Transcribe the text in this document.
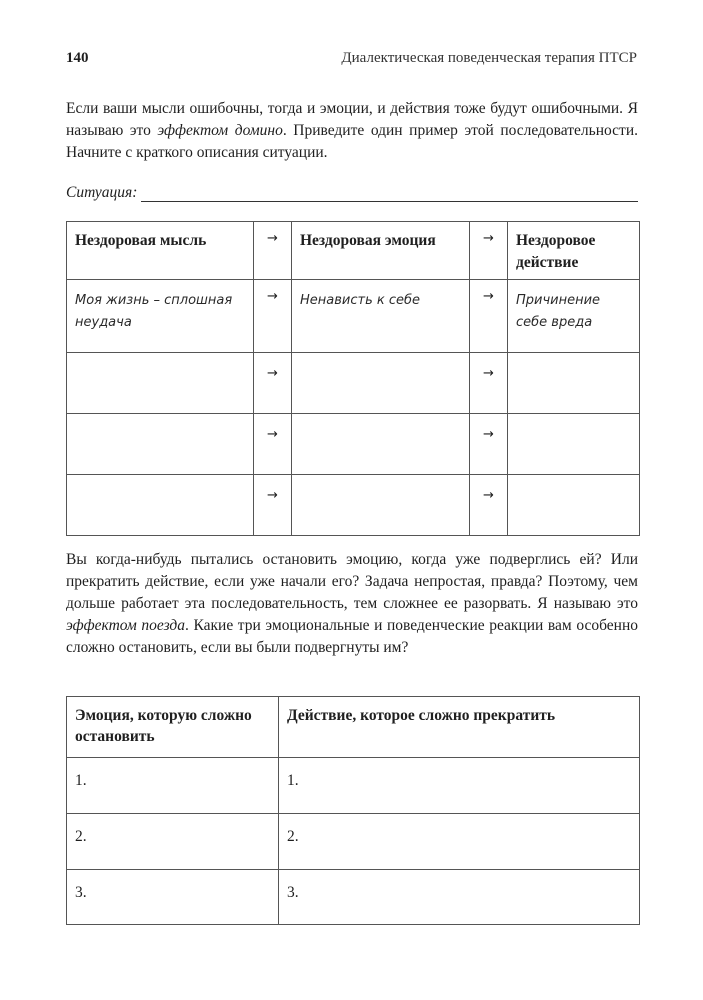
140	Диалектическая поведенческая терапия ПТСР

Если ваши мысли ошибочны, тогда и эмоции, и действия тоже будут ошибочными. Я называю это эффектом домино. Приведите один пример этой последовательности. Начните с краткого описания ситуации.

Ситуация:
Нездоровая мысль	→	Нездоровая эмоция	→	Нездоровое действие
Моя жизнь – сплошная неудача	→	Ненависть к себе	→	Причинение себе вреда
	→		→	
	→		→	
	→		→	

Вы когда-нибудь пытались остановить эмоцию, когда уже подверглись ей? Или прекратить действие, если уже начали его? Задача непростая, правда? Поэтому, чем дольше работает эта последовательность, тем сложнее ее разорвать. Я называю это эффектом поезда. Какие три эмоциональные и поведенческие реакции вам особенно сложно остановить, если вы были подвергнуты им?

Эмоция, которую сложно остановить	Действие, которое сложно прекратить
1.	1.
2.	2.
3.	3.
